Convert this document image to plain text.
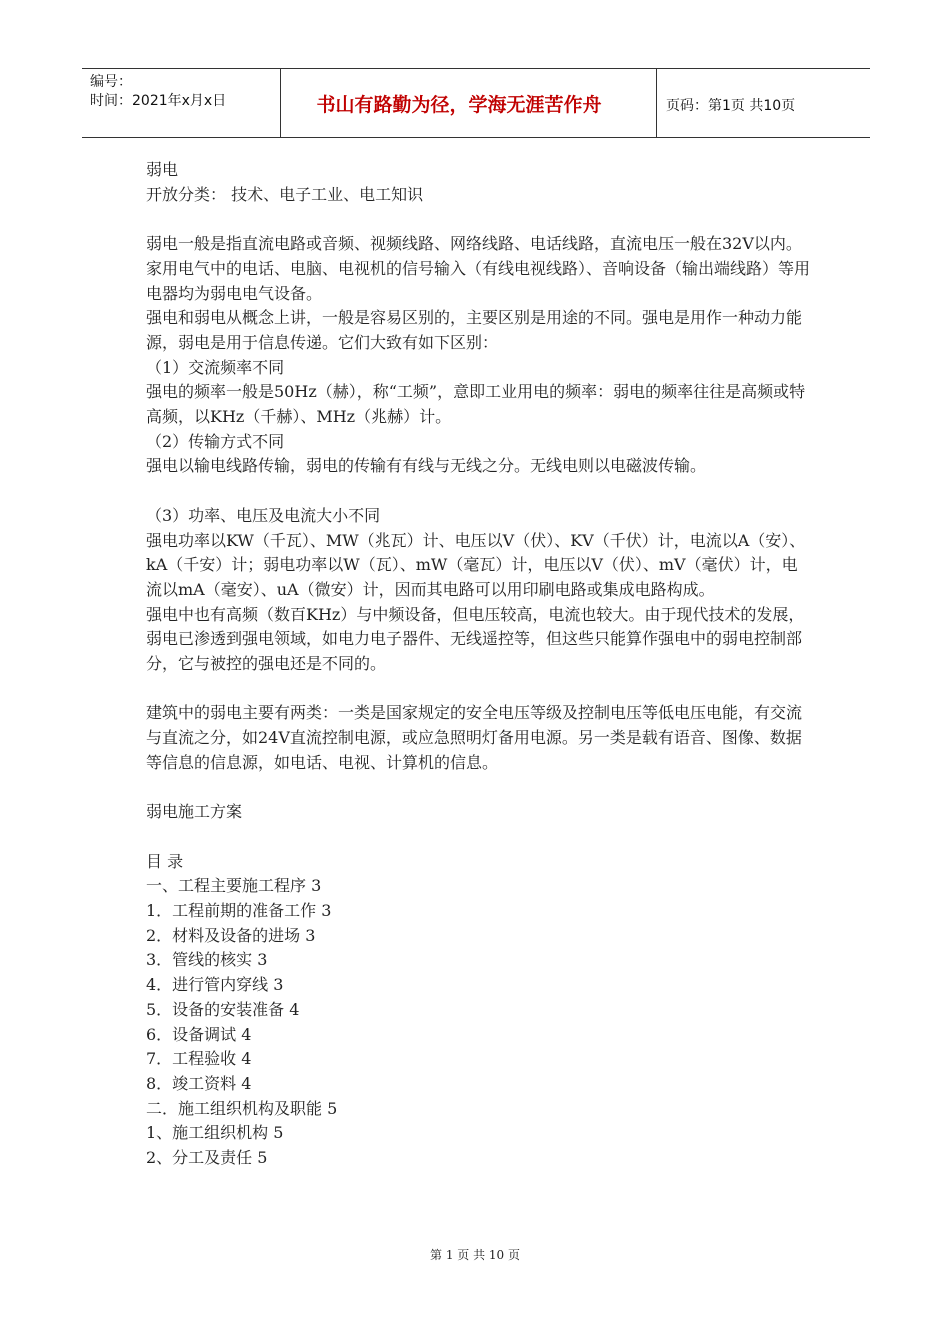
编号：
时间：2021年x月x日	书山有路勤为径，学海无涯苦作舟	页码：第1页 共10页

弱电

开放分类： 技术、电子工业、电工知识

弱电一般是指直流电路或音频、视频线路、网络线路、电话线路，直流电压一般在32V以内。家用电气中的电话、电脑、电视机的信号输入（有线电视线路）、音响设备（输出端线路）等用电器均为弱电电气设备。

强电和弱电从概念上讲，一般是容易区别的，主要区别是用途的不同。强电是用作一种动力能源，弱电是用于信息传递。它们大致有如下区别：

（1）交流频率不同

强电的频率一般是50Hz（赫），称“工频”，意即工业用电的频率：弱电的频率往往是高频或特高频，以KHz（千赫）、MHz（兆赫）计。

（2）传输方式不同

强电以输电线路传输，弱电的传输有有线与无线之分。无线电则以电磁波传输。

（3）功率、电压及电流大小不同

强电功率以KW（千瓦）、MW（兆瓦）计、电压以V（伏）、KV（千伏）计，电流以A（安）、kA（千安）计；弱电功率以W（瓦）、mW（毫瓦）计，电压以V（伏）、mV（毫伏）计，电流以mA（毫安）、uA（微安）计，因而其电路可以用印刷电路或集成电路构成。

强电中也有高频（数百KHz）与中频设备，但电压较高，电流也较大。由于现代技术的发展，弱电已渗透到强电领域，如电力电子器件、无线遥控等，但这些只能算作强电中的弱电控制部分，它与被控的强电还是不同的。

建筑中的弱电主要有两类：一类是国家规定的安全电压等级及控制电压等低电压电能，有交流与直流之分，如24V直流控制电源，或应急照明灯备用电源。另一类是载有语音、图像、数据等信息的信息源，如电话、电视、计算机的信息。

弱电施工方案

目 录

一、工程主要施工程序 3

1．工程前期的准备工作 3

2．材料及设备的进场 3

3．管线的核实 3

4．进行管内穿线 3

5．设备的安装准备 4

6．设备调试 4

7．工程验收 4

8．竣工资料 4

二．施工组织机构及职能 5

1、施工组织机构 5

2、分工及责任 5

第 1 页 共 10 页
